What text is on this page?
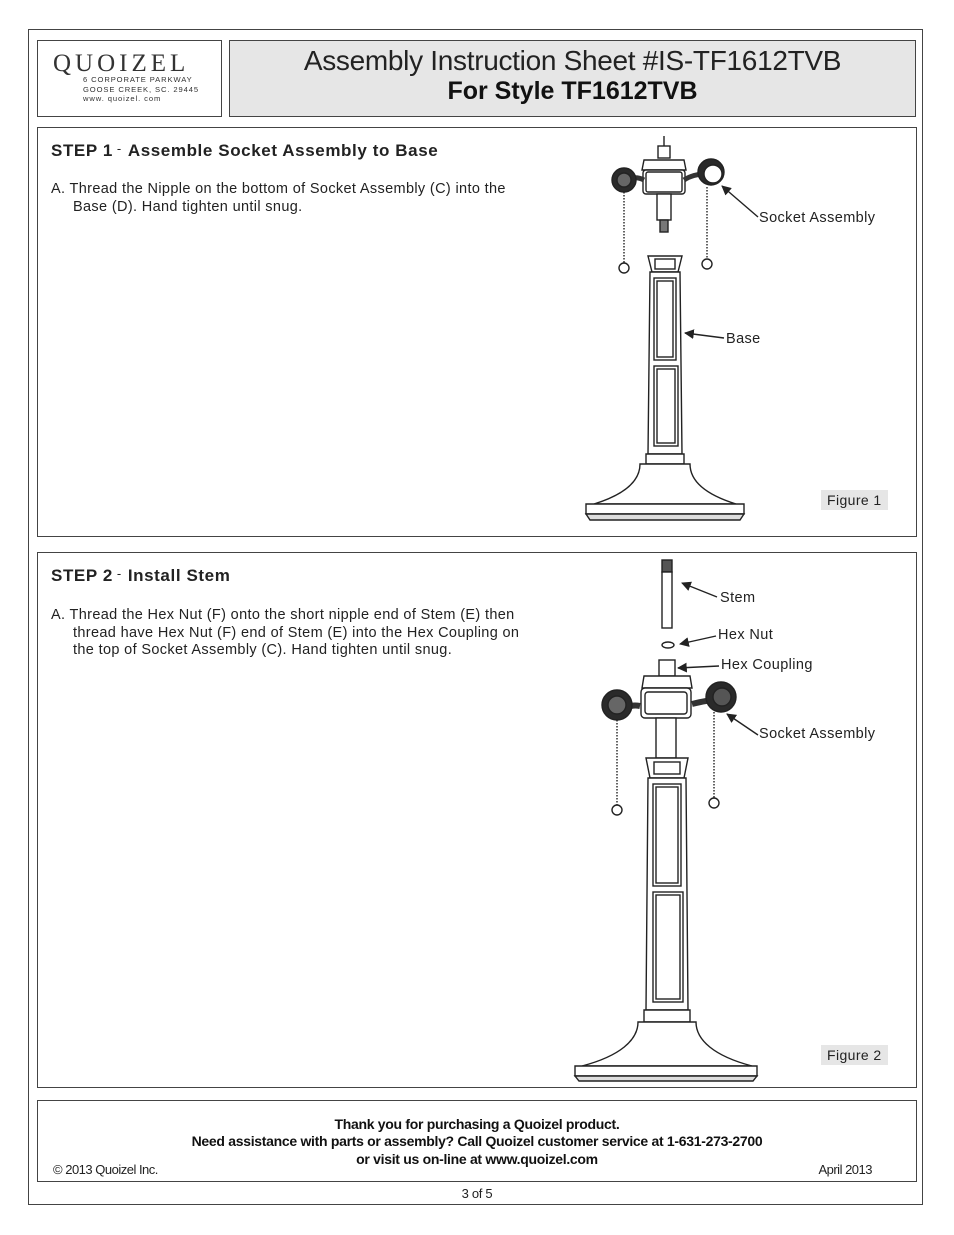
QUOIZEL
6 CORPORATE PARKWAY
GOOSE CREEK, SC. 29445
www. quoizel. com
Assembly Instruction Sheet #IS-TF1612TVB
For Style TF1612TVB
STEP 1 - Assemble Socket Assembly to Base
A. Thread the Nipple on the bottom of Socket Assembly (C) into the Base (D). Hand tighten until snug.
Socket Assembly
Base
Figure 1
STEP 2 - Install Stem
A. Thread the Hex Nut (F) onto the short nipple end of Stem (E) then thread have Hex Nut (F) end of Stem (E) into the Hex Coupling on the top of Socket Assembly (C). Hand tighten until snug.
Stem
Hex Nut
Hex Coupling
Socket Assembly
Figure 2
Thank you for purchasing a Quoizel product.
Need assistance with parts or assembly? Call Quoizel customer service at 1-631-273-2700
or visit us on-line at www.quoizel.com
© 2013 Quoizel Inc.	April 2013
3 of 5
